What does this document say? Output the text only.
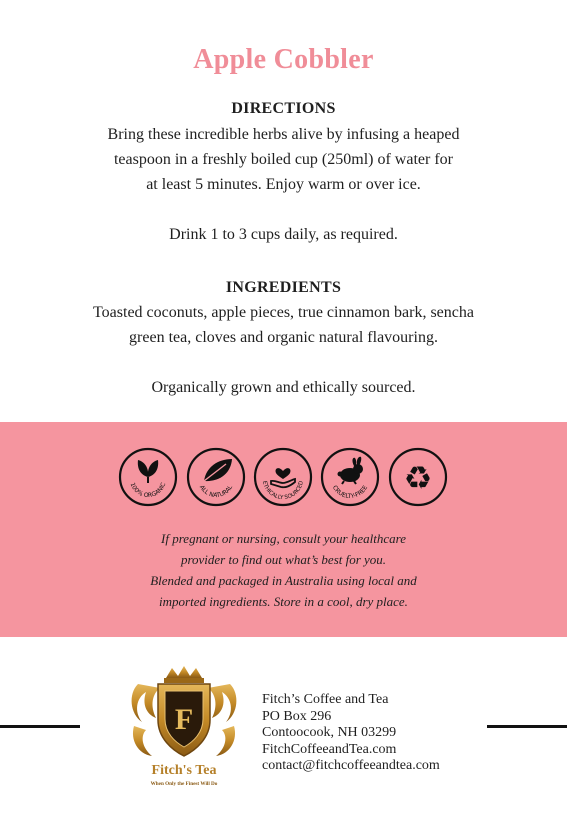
Apple Cobbler
DIRECTIONS
Bring these incredible herbs alive by infusing a heaped
teaspoon in a freshly boiled cup (250ml) of water for
at least 5 minutes. Enjoy warm or over ice.
Drink 1 to 3 cups daily, as required.
INGREDIENTS
Toasted coconuts, apple pieces, true cinnamon bark, sencha
green tea, cloves and organic natural flavouring.
Organically grown and ethically sourced.
100% ORGANIC	ALL NATURAL
ETHICALLY SOURCED
CRUELTY-FREE ♻
If pregnant or nursing, consult your healthcare
provider to find out what’s best for you.
Blended and packaged in Australia using local and
imported ingredients. Store in a cool, dry place.
F
Fitch's Tea
When Only the Finest Will Do
Fitch’s Coffee and Tea
PO Box 296
Contoocook, NH 03299
FitchCoffeeandTea.com
contact@fitchcoffeeandtea.com
